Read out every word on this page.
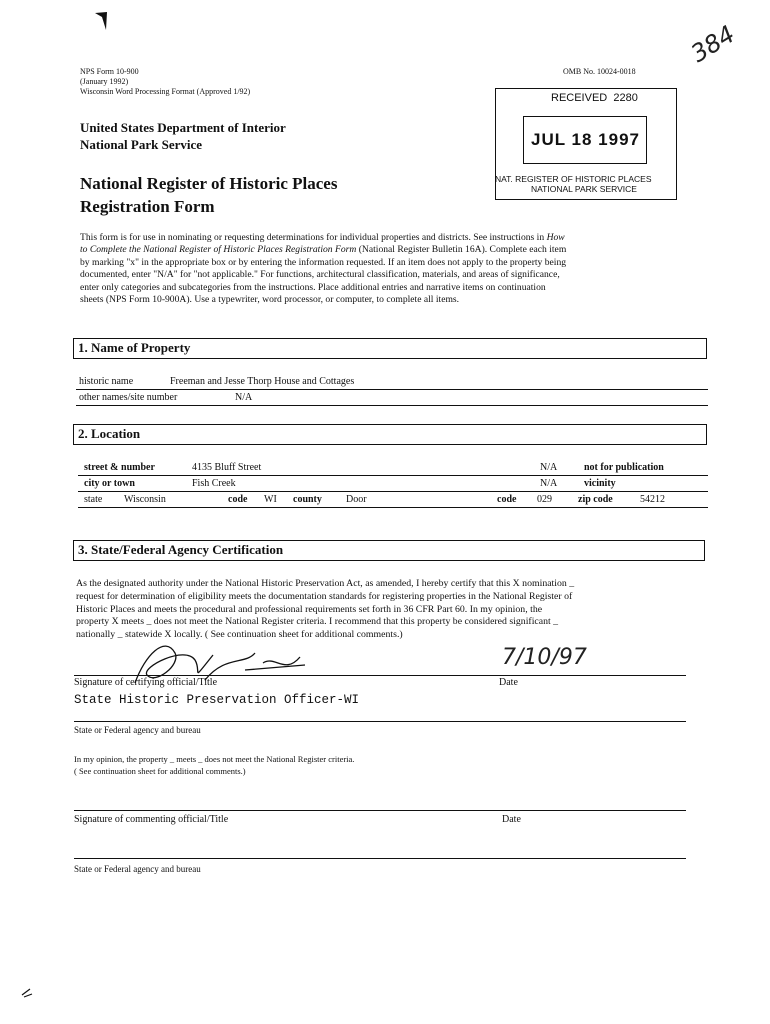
NPS Form 10-900
(January 1992)
Wisconsin Word Processing Format (Approved 1/92)
OMB No. 10024-0018
384
RECEIVED 2280
JUL 18 1997
NAT. REGISTER OF HISTORIC PLACES
NATIONAL PARK SERVICE
United States Department of Interior
National Park Service
National Register of Historic Places
Registration Form
This form is for use in nominating or requesting determinations for individual properties and districts. See instructions in How
to Complete the National Register of Historic Places Registration Form (National Register Bulletin 16A). Complete each item
by marking "x" in the appropriate box or by entering the information requested. If an item does not apply to the property being
documented, enter "N/A" for "not applicable." For functions, architectural classification, materials, and areas of significance,
enter only categories and subcategories from the instructions. Place additional entries and narrative items on continuation
sheets (NPS Form 10-900A). Use a typewriter, word processor, or computer, to complete all items.
1. Name of Property
historic name	Freeman and Jesse Thorp House and Cottages
other names/site number	N/A
2. Location
street & number	4135 Bluff Street	N/A	not for publication
city or town	Fish Creek	N/A	vicinity
state Wisconsin	code WI county Door	code 029	zip code	54212
3. State/Federal Agency Certification
As the designated authority under the National Historic Preservation Act, as amended, I hereby certify that this X nomination _
request for determination of eligibility meets the documentation standards for registering properties in the National Register of
Historic Places and meets the procedural and professional requirements set forth in 36 CFR Part 60. In my opinion, the
property X meets _ does not meet the National Register criteria. I recommend that this property be considered significant _
nationally _ statewide X locally. ( See continuation sheet for additional comments.)
7/10/97
Signature of certifying official/Title	Date
State Historic Preservation Officer-WI
State or Federal agency and bureau
In my opinion, the property _ meets _ does not meet the National Register criteria.
( See continuation sheet for additional comments.)
Signature of commenting official/Title	Date
State or Federal agency and bureau
